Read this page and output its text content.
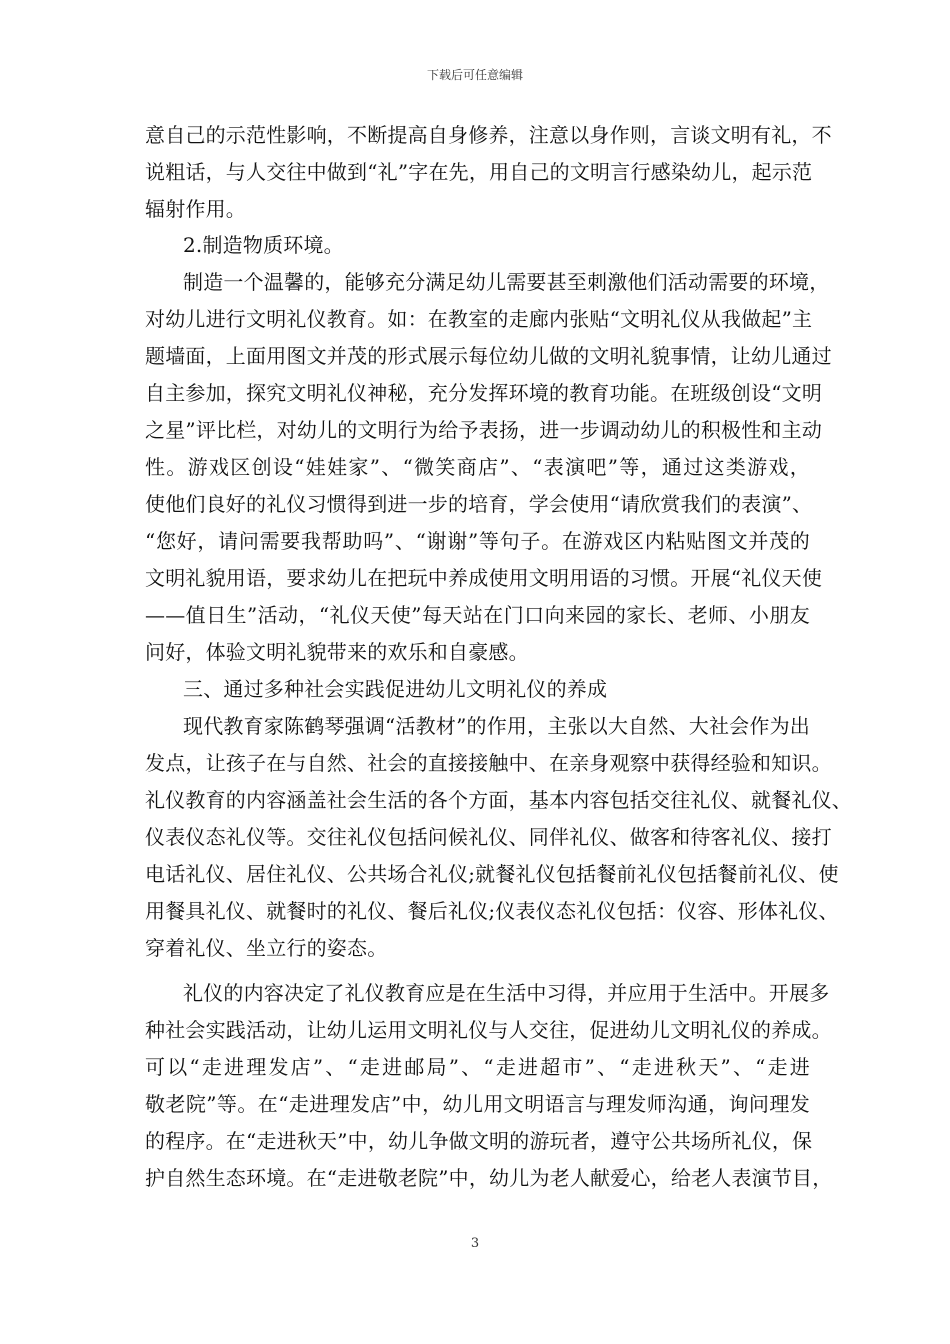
下载后可任意编辑
意自己的示范性影响，不断提高自身修养，注意以身作则，言谈文明有礼，不
说粗话，与人交往中做到“礼”字在先，用自己的文明言行感染幼儿，起示范
辐射作用。
2.制造物质环境。
制造一个温馨的，能够充分满足幼儿需要甚至刺激他们活动需要的环境，
对幼儿进行文明礼仪教育。如：在教室的走廊内张贴“文明礼仪从我做起”主
题墙面，上面用图文并茂的形式展示每位幼儿做的文明礼貌事情，让幼儿通过
自主参加，探究文明礼仪神秘，充分发挥环境的教育功能。在班级创设“文明
之星”评比栏，对幼儿的文明行为给予表扬，进一步调动幼儿的积极性和主动
性。游戏区创设“娃娃家”、“微笑商店”、“表演吧”等，通过这类游戏，
使他们良好的礼仪习惯得到进一步的培育，学会使用“请欣赏我们的表演”、
“您好，请问需要我帮助吗”、“谢谢”等句子。在游戏区内粘贴图文并茂的
文明礼貌用语，要求幼儿在把玩中养成使用文明用语的习惯。开展“礼仪天使
——值日生”活动，“礼仪天使”每天站在门口向来园的家长、老师、小朋友
问好，体验文明礼貌带来的欢乐和自豪感。
三、通过多种社会实践促进幼儿文明礼仪的养成
现代教育家陈鹤琴强调“活教材”的作用，主张以大自然、大社会作为出
发点，让孩子在与自然、社会的直接接触中、在亲身观察中获得经验和知识。
礼仪教育的内容涵盖社会生活的各个方面，基本内容包括交往礼仪、就餐礼仪、
仪表仪态礼仪等。交往礼仪包括问候礼仪、同伴礼仪、做客和待客礼仪、接打
电话礼仪、居住礼仪、公共场合礼仪;就餐礼仪包括餐前礼仪包括餐前礼仪、使
用餐具礼仪、就餐时的礼仪、餐后礼仪;仪表仪态礼仪包括：仪容、形体礼仪、
穿着礼仪、坐立行的姿态。
礼仪的内容决定了礼仪教育应是在生活中习得，并应用于生活中。开展多
种社会实践活动，让幼儿运用文明礼仪与人交往，促进幼儿文明礼仪的养成。
可以“走进理发店”、“走进邮局”、“走进超市”、“走进秋天”、“走进
敬老院”等。在“走进理发店”中，幼儿用文明语言与理发师沟通，询问理发
的程序。在“走进秋天”中，幼儿争做文明的游玩者，遵守公共场所礼仪，保
护自然生态环境。在“走进敬老院”中，幼儿为老人献爱心，给老人表演节目，
3
